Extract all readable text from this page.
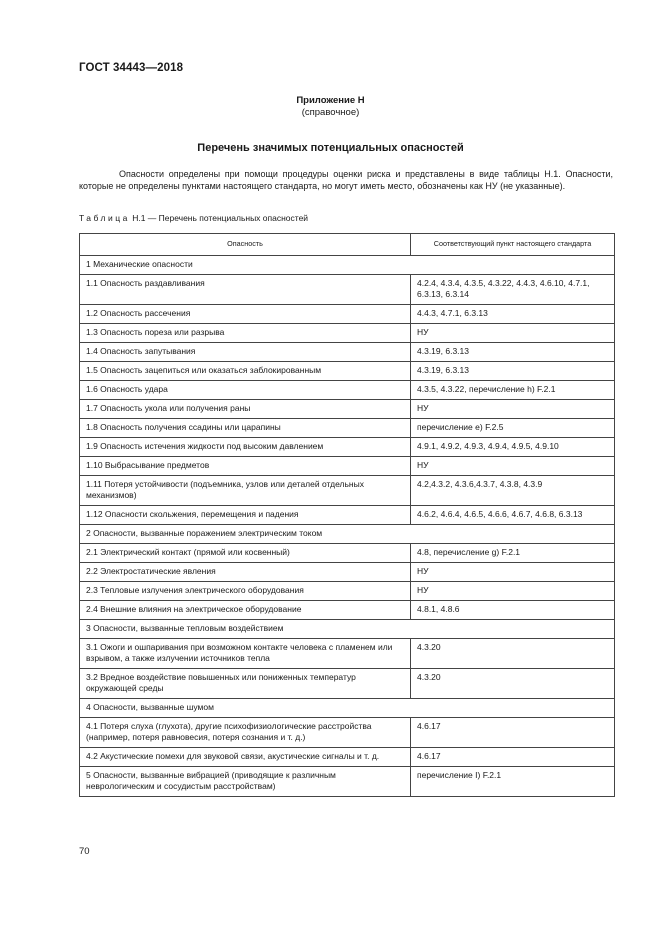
ГОСТ 34443—2018
Приложение Н
(справочное)
Перечень значимых потенциальных опасностей
Опасности определены при помощи процедуры оценки риска и представлены в виде таблицы Н.1. Опасности, которые не определены пунктами настоящего стандарта, но могут иметь место, обозначены как НУ (не указанные).
Таблица Н.1 — Перечень потенциальных опасностей
Опасность	Соответствующий пункт настоящего стандарта
1 Механические опасности	
1.1 Опасность раздавливания	4.2.4, 4.3.4, 4.3.5, 4.3.22, 4.4.3, 4.6.10, 4.7.1, 6.3.13, 6.3.14
1.2 Опасность рассечения	4.4.3, 4.7.1, 6.3.13
1.3 Опасность пореза или разрыва	НУ
1.4 Опасность запутывания	4.3.19, 6.3.13
1.5 Опасность зацепиться или оказаться заблокированным	4.3.19, 6.3.13
1.6 Опасность удара	4.3.5, 4.3.22, перечисление h) F.2.1
1.7 Опасность укола или получения раны	НУ
1.8 Опасность получения ссадины или царапины	перечисление е) F.2.5
1.9 Опасность истечения жидкости под высоким давлением	4.9.1, 4.9.2, 4.9.3, 4.9.4, 4.9.5, 4.9.10
1.10 Выбрасывание предметов	НУ
1.11 Потеря устойчивости (подъемника, узлов или деталей отдельных механизмов)	4.2,4.3.2, 4.3.6,4.3.7, 4.3.8, 4.3.9
1.12 Опасности скольжения, перемещения и падения	4.6.2, 4.6.4, 4.6.5, 4.6.6, 4.6.7, 4.6.8, 6.3.13
2 Опасности, вызванные поражением электрическим током	
2.1 Электрический контакт (прямой или косвенный)	4.8, перечисление g) F.2.1
2.2 Электростатические явления	НУ
2.3 Тепловые излучения электрического оборудования	НУ
2.4 Внешние влияния на электрическое оборудование	4.8.1, 4.8.6
3 Опасности, вызванные тепловым воздействием	
3.1 Ожоги и ошпаривания при возможном контакте человека с пламенем или взрывом, а также излучении источников тепла	4.3.20
3.2 Вредное воздействие повышенных или пониженных температур окружающей среды	4.3.20
4 Опасности, вызванные шумом	
4.1 Потеря слуха (глухота), другие психофизиологические расстройства (например, потеря равновесия, потеря сознания и т. д.)	4.6.17
4.2 Акустические помехи для звуковой связи, акустические сигналы и т. д.	4.6.17
5 Опасности, вызванные вибрацией (приводящие к различным неврологическим и сосудистым расстройствам)	перечисление I) F.2.1
70
